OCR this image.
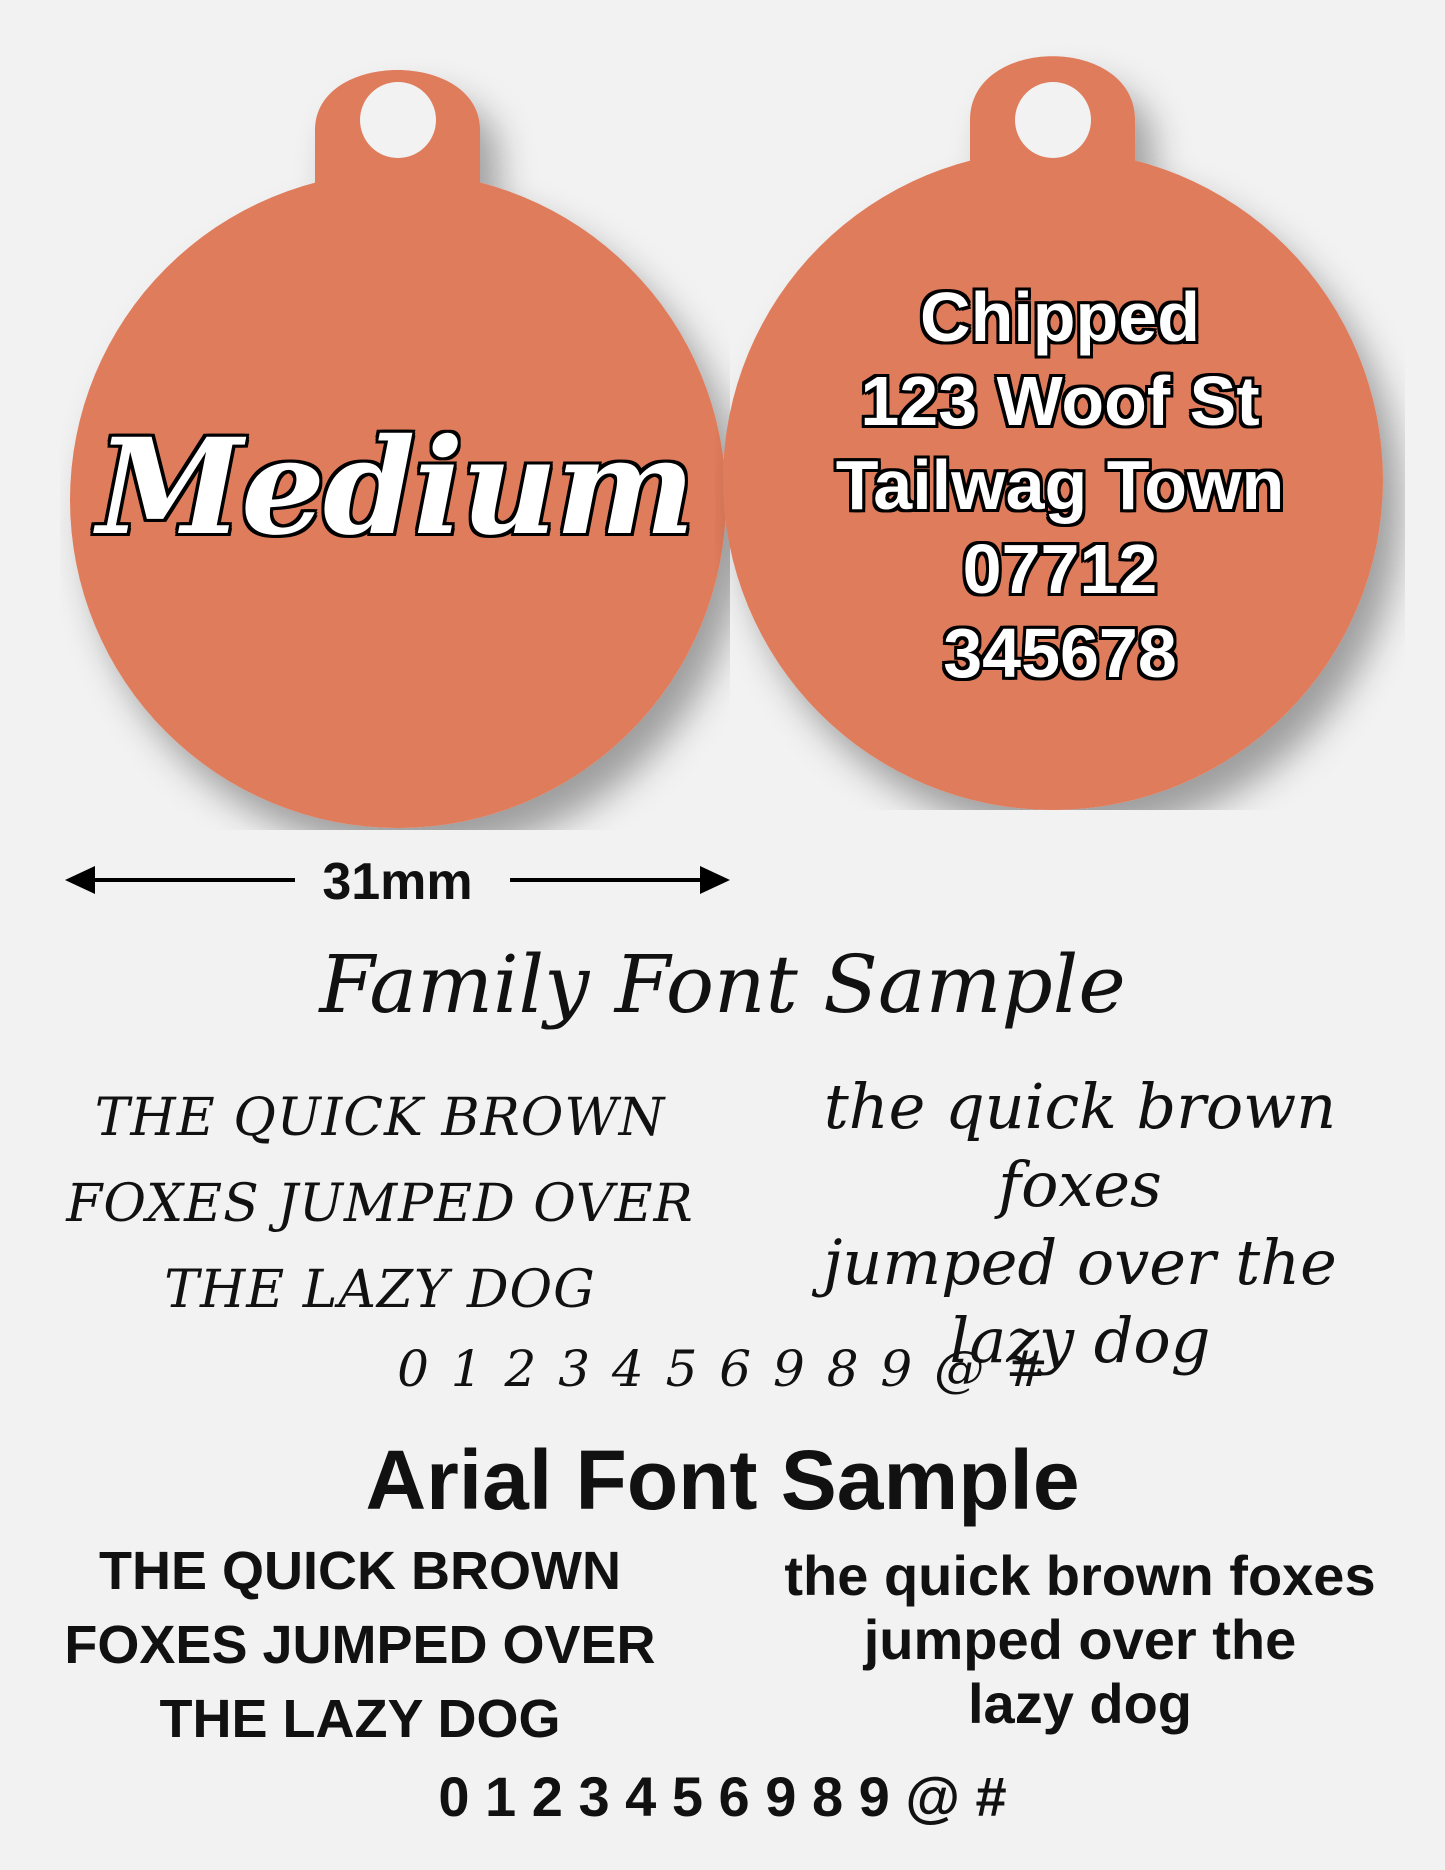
Medium
Chipped
123 Woof St
Tailwag Town
07712
345678
31mm
Family Font Sample
THE QUICK BROWN
FOXES JUMPED OVER
THE LAZY DOG
the quick brown foxes
jumped over the
lazy dog
0 1 2 3 4 5 6 9 8 9 @ #
Arial Font Sample
THE QUICK BROWN
FOXES JUMPED OVER
THE LAZY DOG
the quick brown foxes
jumped over the
lazy dog
0 1 2 3 4 5 6 9 8 9 @ #
